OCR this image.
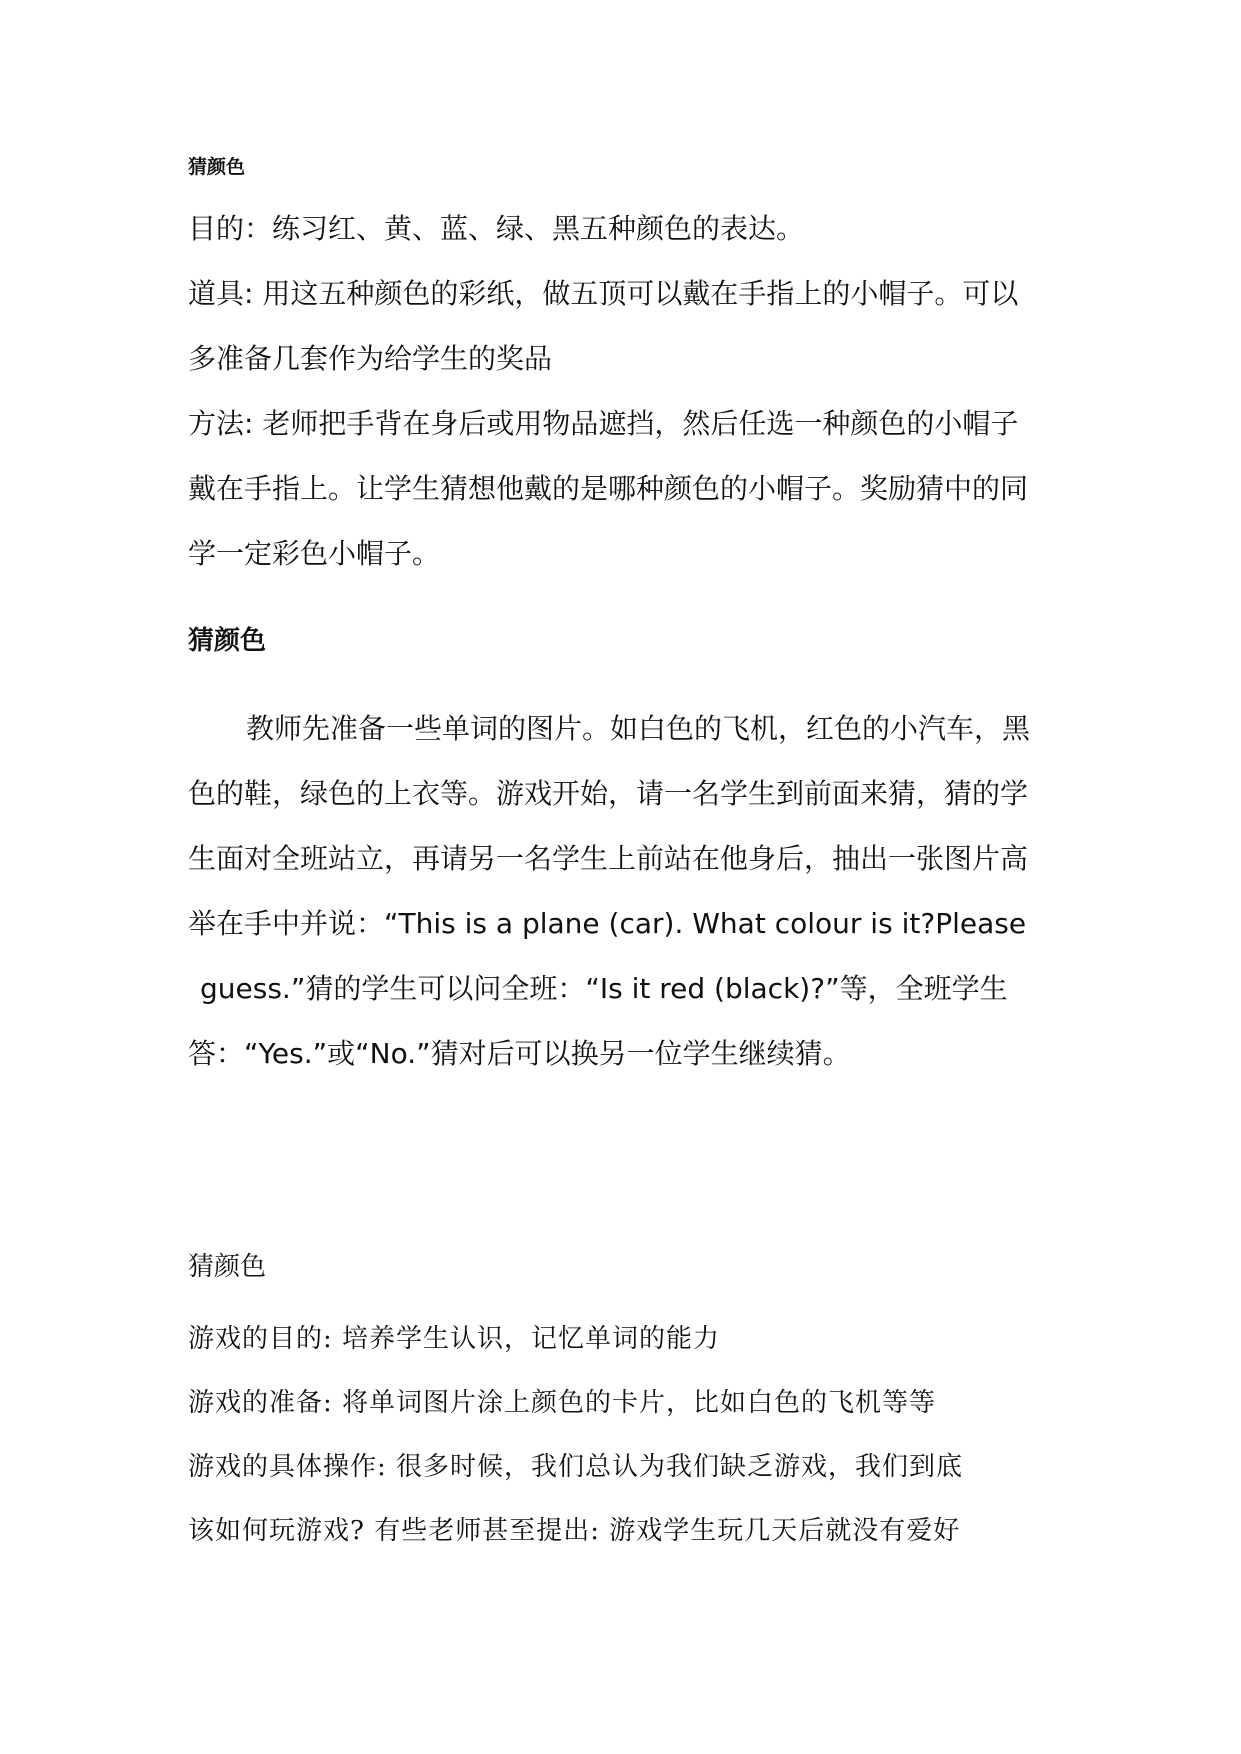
猜颜色

目的：练习红、黄、蓝、绿、黑五种颜色的表达。

道具: 用这五种颜色的彩纸，做五顶可以戴在手指上的小帽子。可以

多准备几套作为给学生的奖品

方法: 老师把手背在身后或用物品遮挡，然后任选一种颜色的小帽子

戴在手指上。让学生猜想他戴的是哪种颜色的小帽子。奖励猜中的同

学一定彩色小帽子。

猜颜色

教师先准备一些单词的图片。如白色的飞机，红色的小汽车，黑

色的鞋，绿色的上衣等。游戏开始，请一名学生到前面来猜，猜的学

生面对全班站立，再请另一名学生上前站在他身后，抽出一张图片高

举在手中并说：“This is a plane (car). What colour is it?Please

guess.”猜的学生可以问全班：“Is it red (black)?”等，全班学生

答：“Yes.”或“No.”猜对后可以换另一位学生继续猜。

猜颜色

游戏的目的: 培养学生认识，记忆单词的能力

游戏的准备: 将单词图片涂上颜色的卡片，比如白色的飞机等等

游戏的具体操作: 很多时候，我们总认为我们缺乏游戏，我们到底

该如何玩游戏? 有些老师甚至提出: 游戏学生玩几天后就没有爱好
